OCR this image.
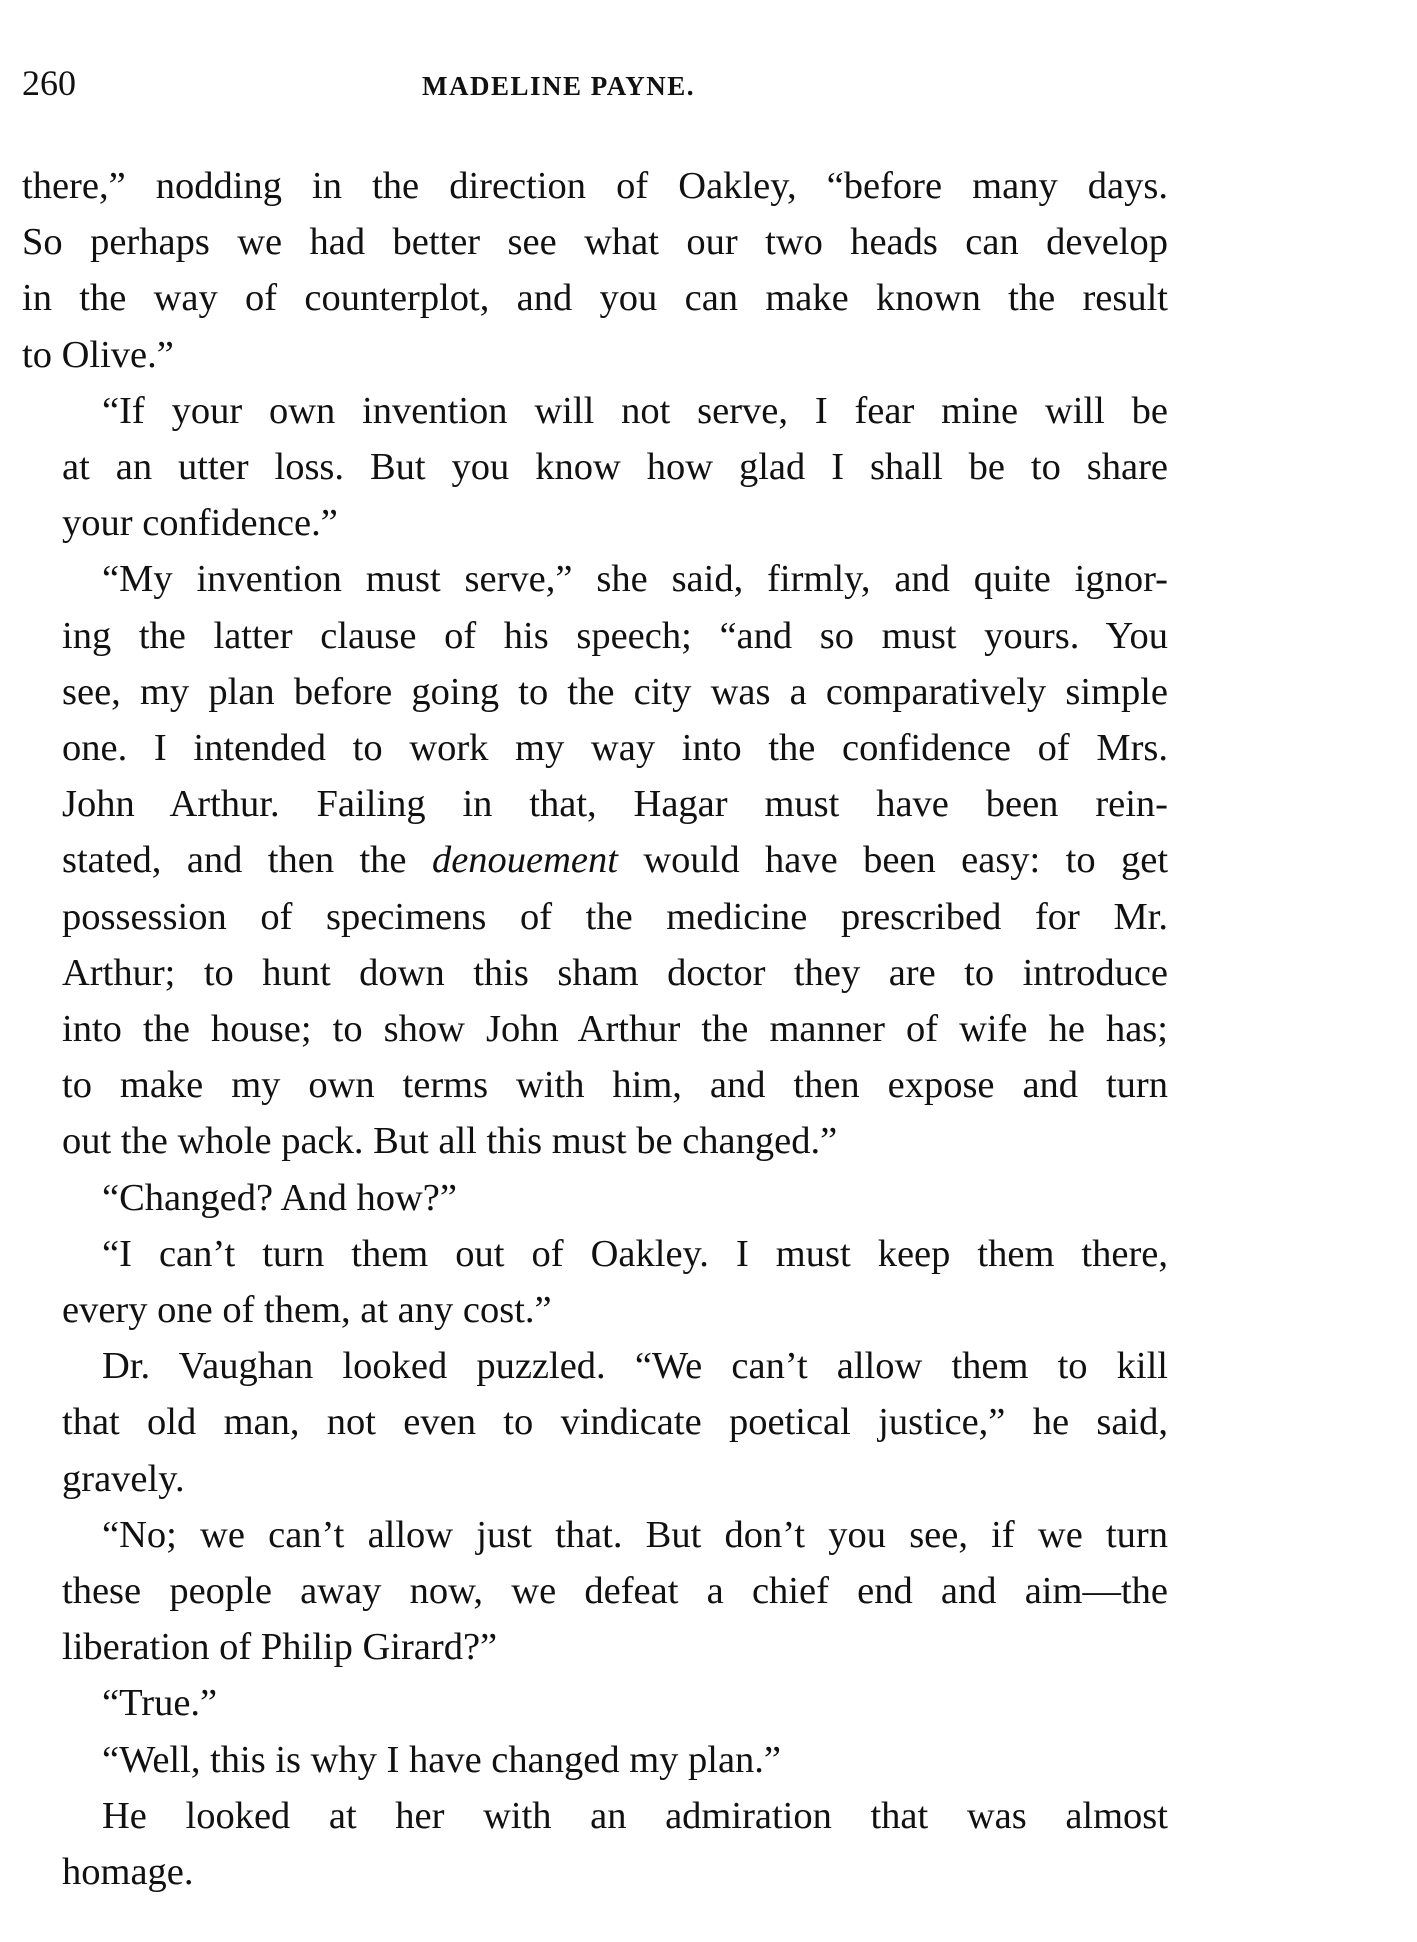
260	MADELINE PAYNE.

there,” nodding in the direction of Oakley, “before many days.
So perhaps we had better see what our two heads can develop
in the way of counterplot, and you can make known the result
to Olive.”

“If your own invention will not serve, I fear mine will be
at an utter loss. But you know how glad I shall be to share
your confidence.”

“My invention must serve,” she said, firmly, and quite ignor-
ing the latter clause of his speech; “and so must yours. You
see, my plan before going to the city was a comparatively simple
one. I intended to work my way into the confidence of Mrs.
John Arthur. Failing in that, Hagar must have been rein-
stated, and then the denouement would have been easy: to get
possession of specimens of the medicine prescribed for Mr.
Arthur; to hunt down this sham doctor they are to introduce
into the house; to show John Arthur the manner of wife he has;
to make my own terms with him, and then expose and turn
out the whole pack. But all this must be changed.”

“Changed? And how?”

“I can’t turn them out of Oakley. I must keep them there,
every one of them, at any cost.”

Dr. Vaughan looked puzzled. “We can’t allow them to kill
that old man, not even to vindicate poetical justice,” he said,
gravely.

“No; we can’t allow just that. But don’t you see, if we turn
these people away now, we defeat a chief end and aim—the
liberation of Philip Girard?”

“True.”

“Well, this is why I have changed my plan.”

He looked at her with an admiration that was almost
homage.
